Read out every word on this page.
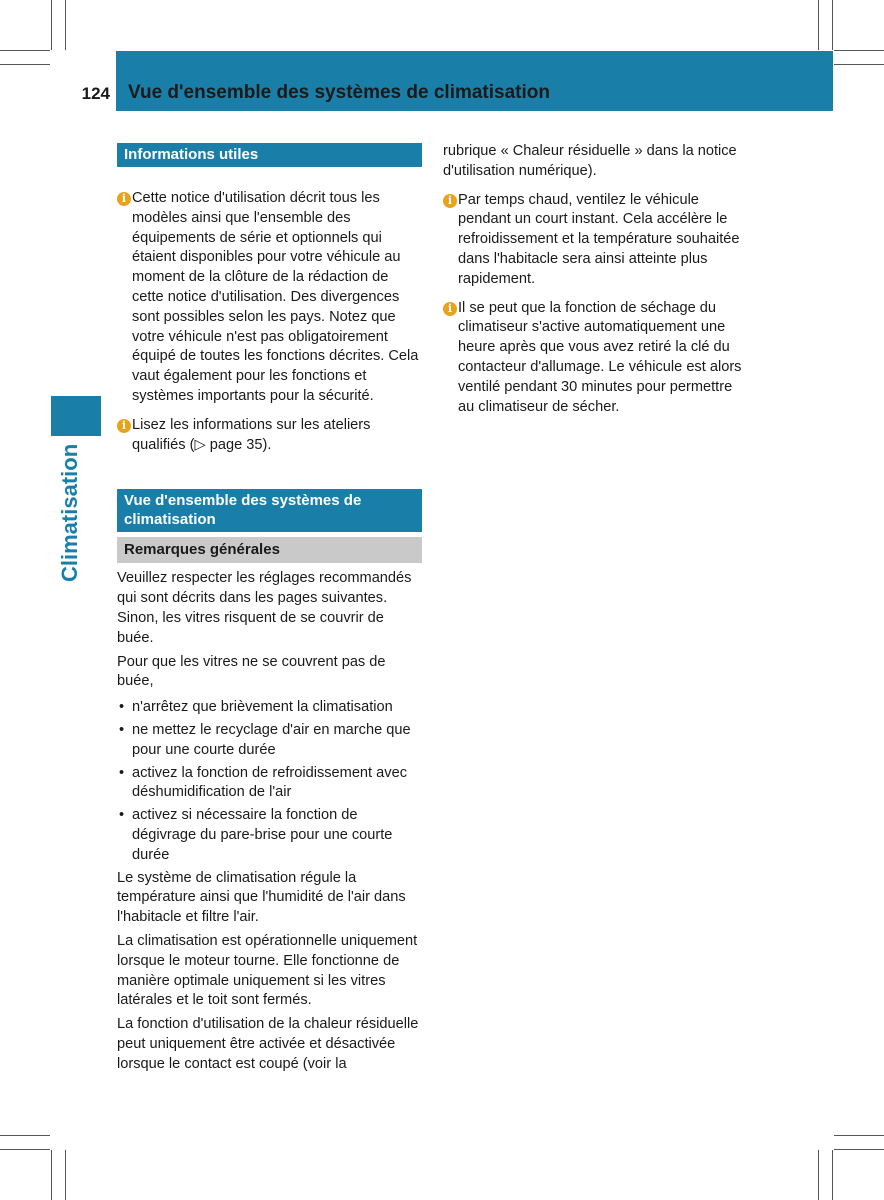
124 Vue d'ensemble des systèmes de climatisation
Climatisation
Informations utiles
i Cette notice d'utilisation décrit tous les modèles ainsi que l'ensemble des équipements de série et optionnels qui étaient disponibles pour votre véhicule au moment de la clôture de la rédaction de cette notice d'utilisation. Des divergences sont possibles selon les pays. Notez que votre véhicule n'est pas obligatoirement équipé de toutes les fonctions décrites. Cela vaut également pour les fonctions et systèmes importants pour la sécurité.
i Lisez les informations sur les ateliers qualifiés (▷ page 35).
Vue d'ensemble des systèmes de climatisation
Remarques générales

Veuillez respecter les réglages recommandés qui sont décrits dans les pages suivantes. Sinon, les vitres risquent de se couvrir de buée.

Pour que les vitres ne se couvrent pas de buée,

• n'arrêtez que brièvement la climatisation
• ne mettez le recyclage d'air en marche que pour une courte durée
• activez la fonction de refroidissement avec déshumidification de l'air
• activez si nécessaire la fonction de dégivrage du pare-brise pour une courte durée

Le système de climatisation régule la température ainsi que l'humidité de l'air dans l'habitacle et filtre l'air.

La climatisation est opérationnelle uniquement lorsque le moteur tourne. Elle fonctionne de manière optimale uniquement si les vitres latérales et le toit sont fermés.

La fonction d'utilisation de la chaleur résiduelle peut uniquement être activée et désactivée lorsque le contact est coupé (voir la

rubrique « Chaleur résiduelle » dans la notice d'utilisation numérique).

i Par temps chaud, ventilez le véhicule pendant un court instant. Cela accélère le refroidissement et la température souhaitée dans l'habitacle sera ainsi atteinte plus rapidement.
i Il se peut que la fonction de séchage du climatiseur s'active automatiquement une heure après que vous avez retiré la clé du contacteur d'allumage. Le véhicule est alors ventilé pendant 30 minutes pour permettre au climatiseur de sécher.
